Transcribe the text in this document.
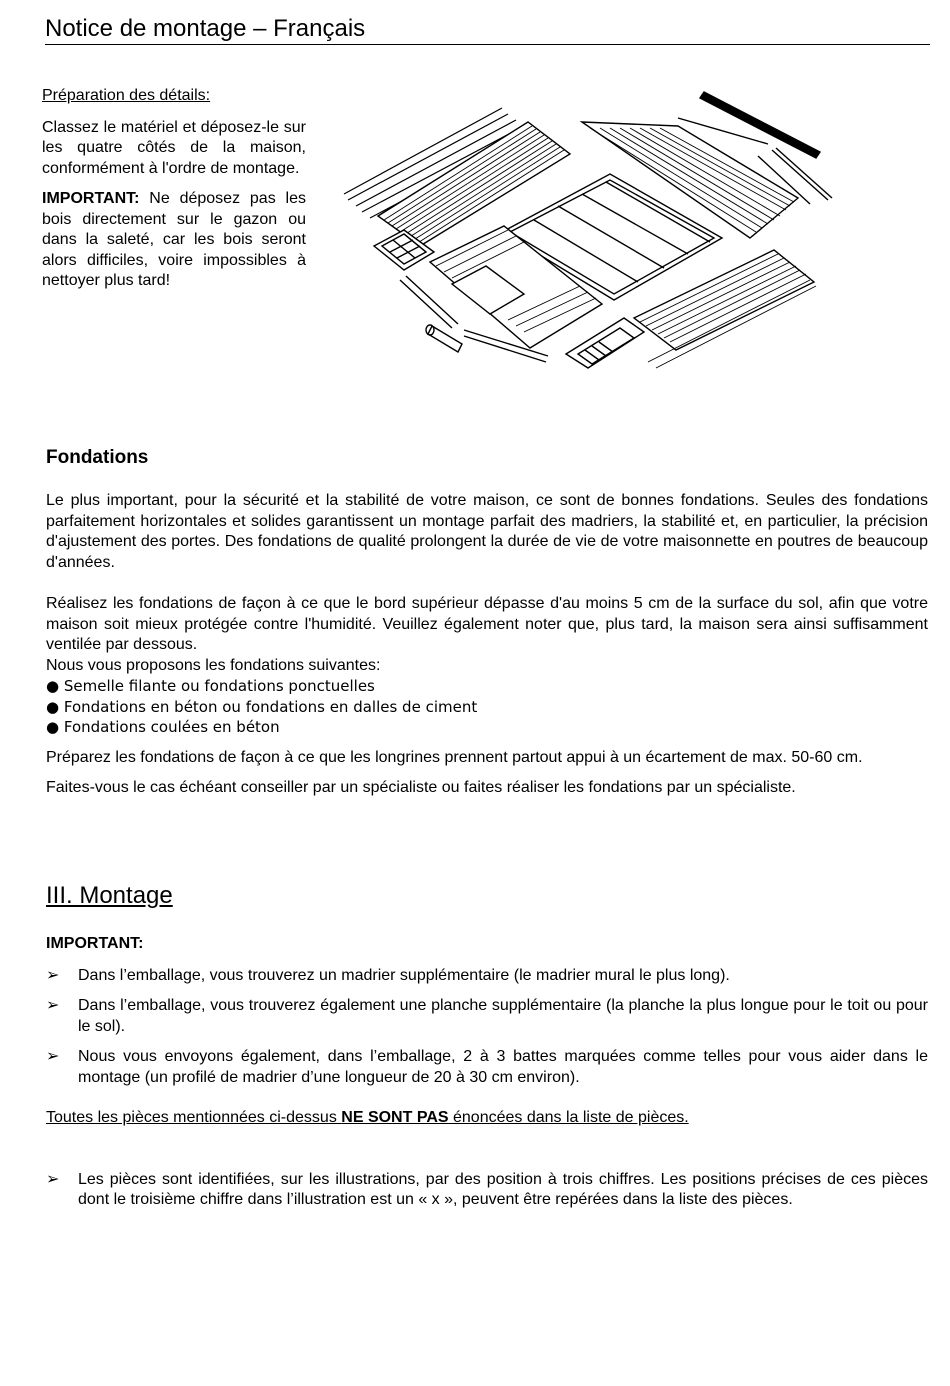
Notice de montage – Français
Préparation des détails:

Classez le matériel et déposez-le sur les quatre côtés de la maison, conformément à l'ordre de montage.

IMPORTANT: Ne déposez pas les bois directement sur le gazon ou dans la saleté, car les bois seront alors difficiles, voire impossibles à nettoyer plus tard!

Fondations

Le plus important, pour la sécurité et la stabilité de votre maison, ce sont de bonnes fondations. Seules des fondations parfaitement horizontales et solides garantissent un montage parfait des madriers, la stabilité et, en particulier, la précision d'ajustement des portes. Des fondations de qualité prolongent la durée de vie de votre maisonnette en poutres de beaucoup d'années.

Réalisez les fondations de façon à ce que le bord supérieur dépasse d'au moins 5 cm de la surface du sol, afin que votre maison soit mieux protégée contre l'humidité. Veuillez également noter que, plus tard, la maison sera ainsi suffisamment ventilée par dessous.

Nous vous proposons les fondations suivantes:

● Semelle filante ou fondations ponctuelles
● Fondations en béton ou fondations en dalles de ciment
● Fondations coulées en béton

Préparez les fondations de façon à ce que les longrines prennent partout appui à un écartement de max. 50-60 cm.

Faites-vous le cas échéant conseiller par un spécialiste ou faites réaliser les fondations par un spécialiste.

III. Montage
IMPORTANT:
➢ Dans l’emballage, vous trouverez un madrier supplémentaire (le madrier mural le plus long).
➢ Dans l’emballage, vous trouverez également une planche supplémentaire (la planche la plus longue pour le toit ou pour le sol).
➢ Nous vous envoyons également, dans l’emballage, 2 à 3 battes marquées comme telles pour vous aider dans le montage (un profilé de madrier d’une longueur de 20 à 30 cm environ).

Toutes les pièces mentionnées ci-dessus NE SONT PAS énoncées dans la liste de pièces.

➢ Les pièces sont identifiées, sur les illustrations, par des position à trois chiffres. Les positions précises de ces pièces dont le troisième chiffre dans l’illustration est un « x », peuvent être repérées dans la liste des pièces.
